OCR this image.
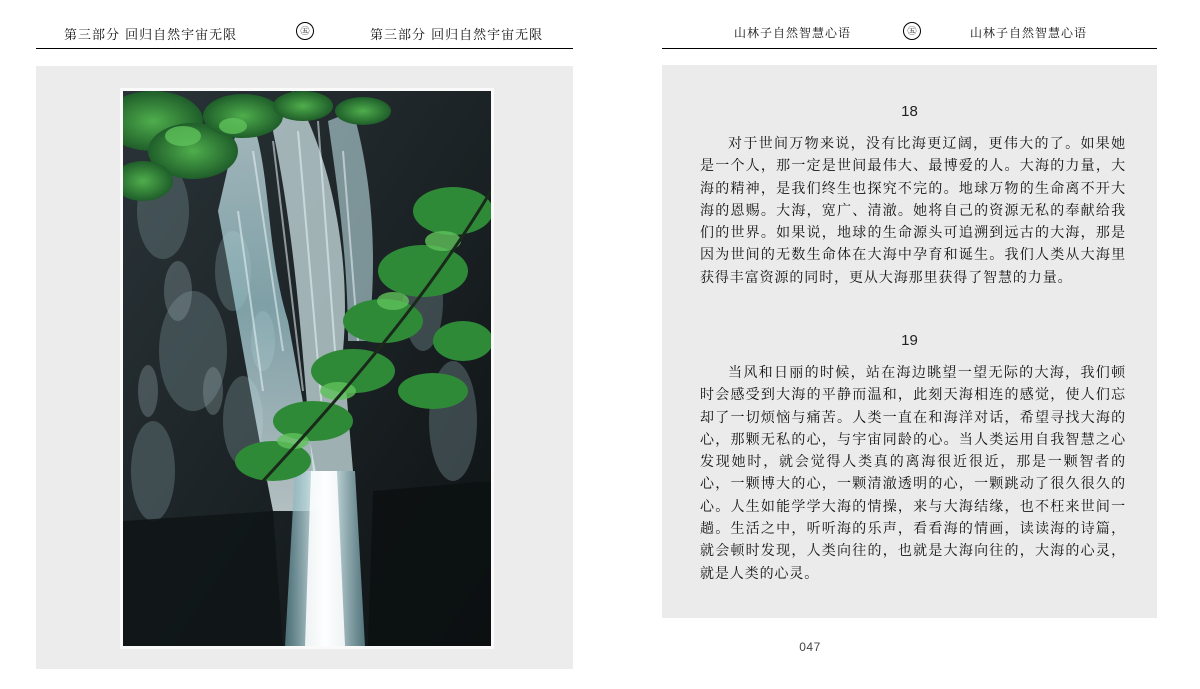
第三部分 回归自然宇宙无限	㊄	第三部分 回归自然宇宙无限	山林子自然智慧心语	㊄	山林子自然智慧心语
18

对于世间万物来说，没有比海更辽阔，更伟大的了。如果她是一个人，那一定是世间最伟大、最博爱的人。大海的力量，大海的精神，是我们终生也探究不完的。地球万物的生命离不开大海的恩赐。大海，宽广、清澈。她将自己的资源无私的奉献给我们的世界。如果说，地球的生命源头可追溯到远古的大海，那是因为世间的无数生命体在大海中孕育和诞生。我们人类从大海里获得丰富资源的同时，更从大海那里获得了智慧的力量。

19

当风和日丽的时候，站在海边眺望一望无际的大海，我们顿时会感受到大海的平静而温和，此刻天海相连的感觉，使人们忘却了一切烦恼与痛苦。人类一直在和海洋对话，希望寻找大海的心，那颗无私的心，与宇宙同龄的心。当人类运用自我智慧之心发现她时，就会觉得人类真的离海很近很近，那是一颗智者的心，一颗博大的心，一颗清澈透明的心，一颗跳动了很久很久的心。人生如能学学大海的情操，来与大海结缘，也不枉来世间一趟。生活之中，听听海的乐声，看看海的情画，读读海的诗篇，就会顿时发现，人类向往的，也就是大海向往的，大海的心灵，就是人类的心灵。

047
